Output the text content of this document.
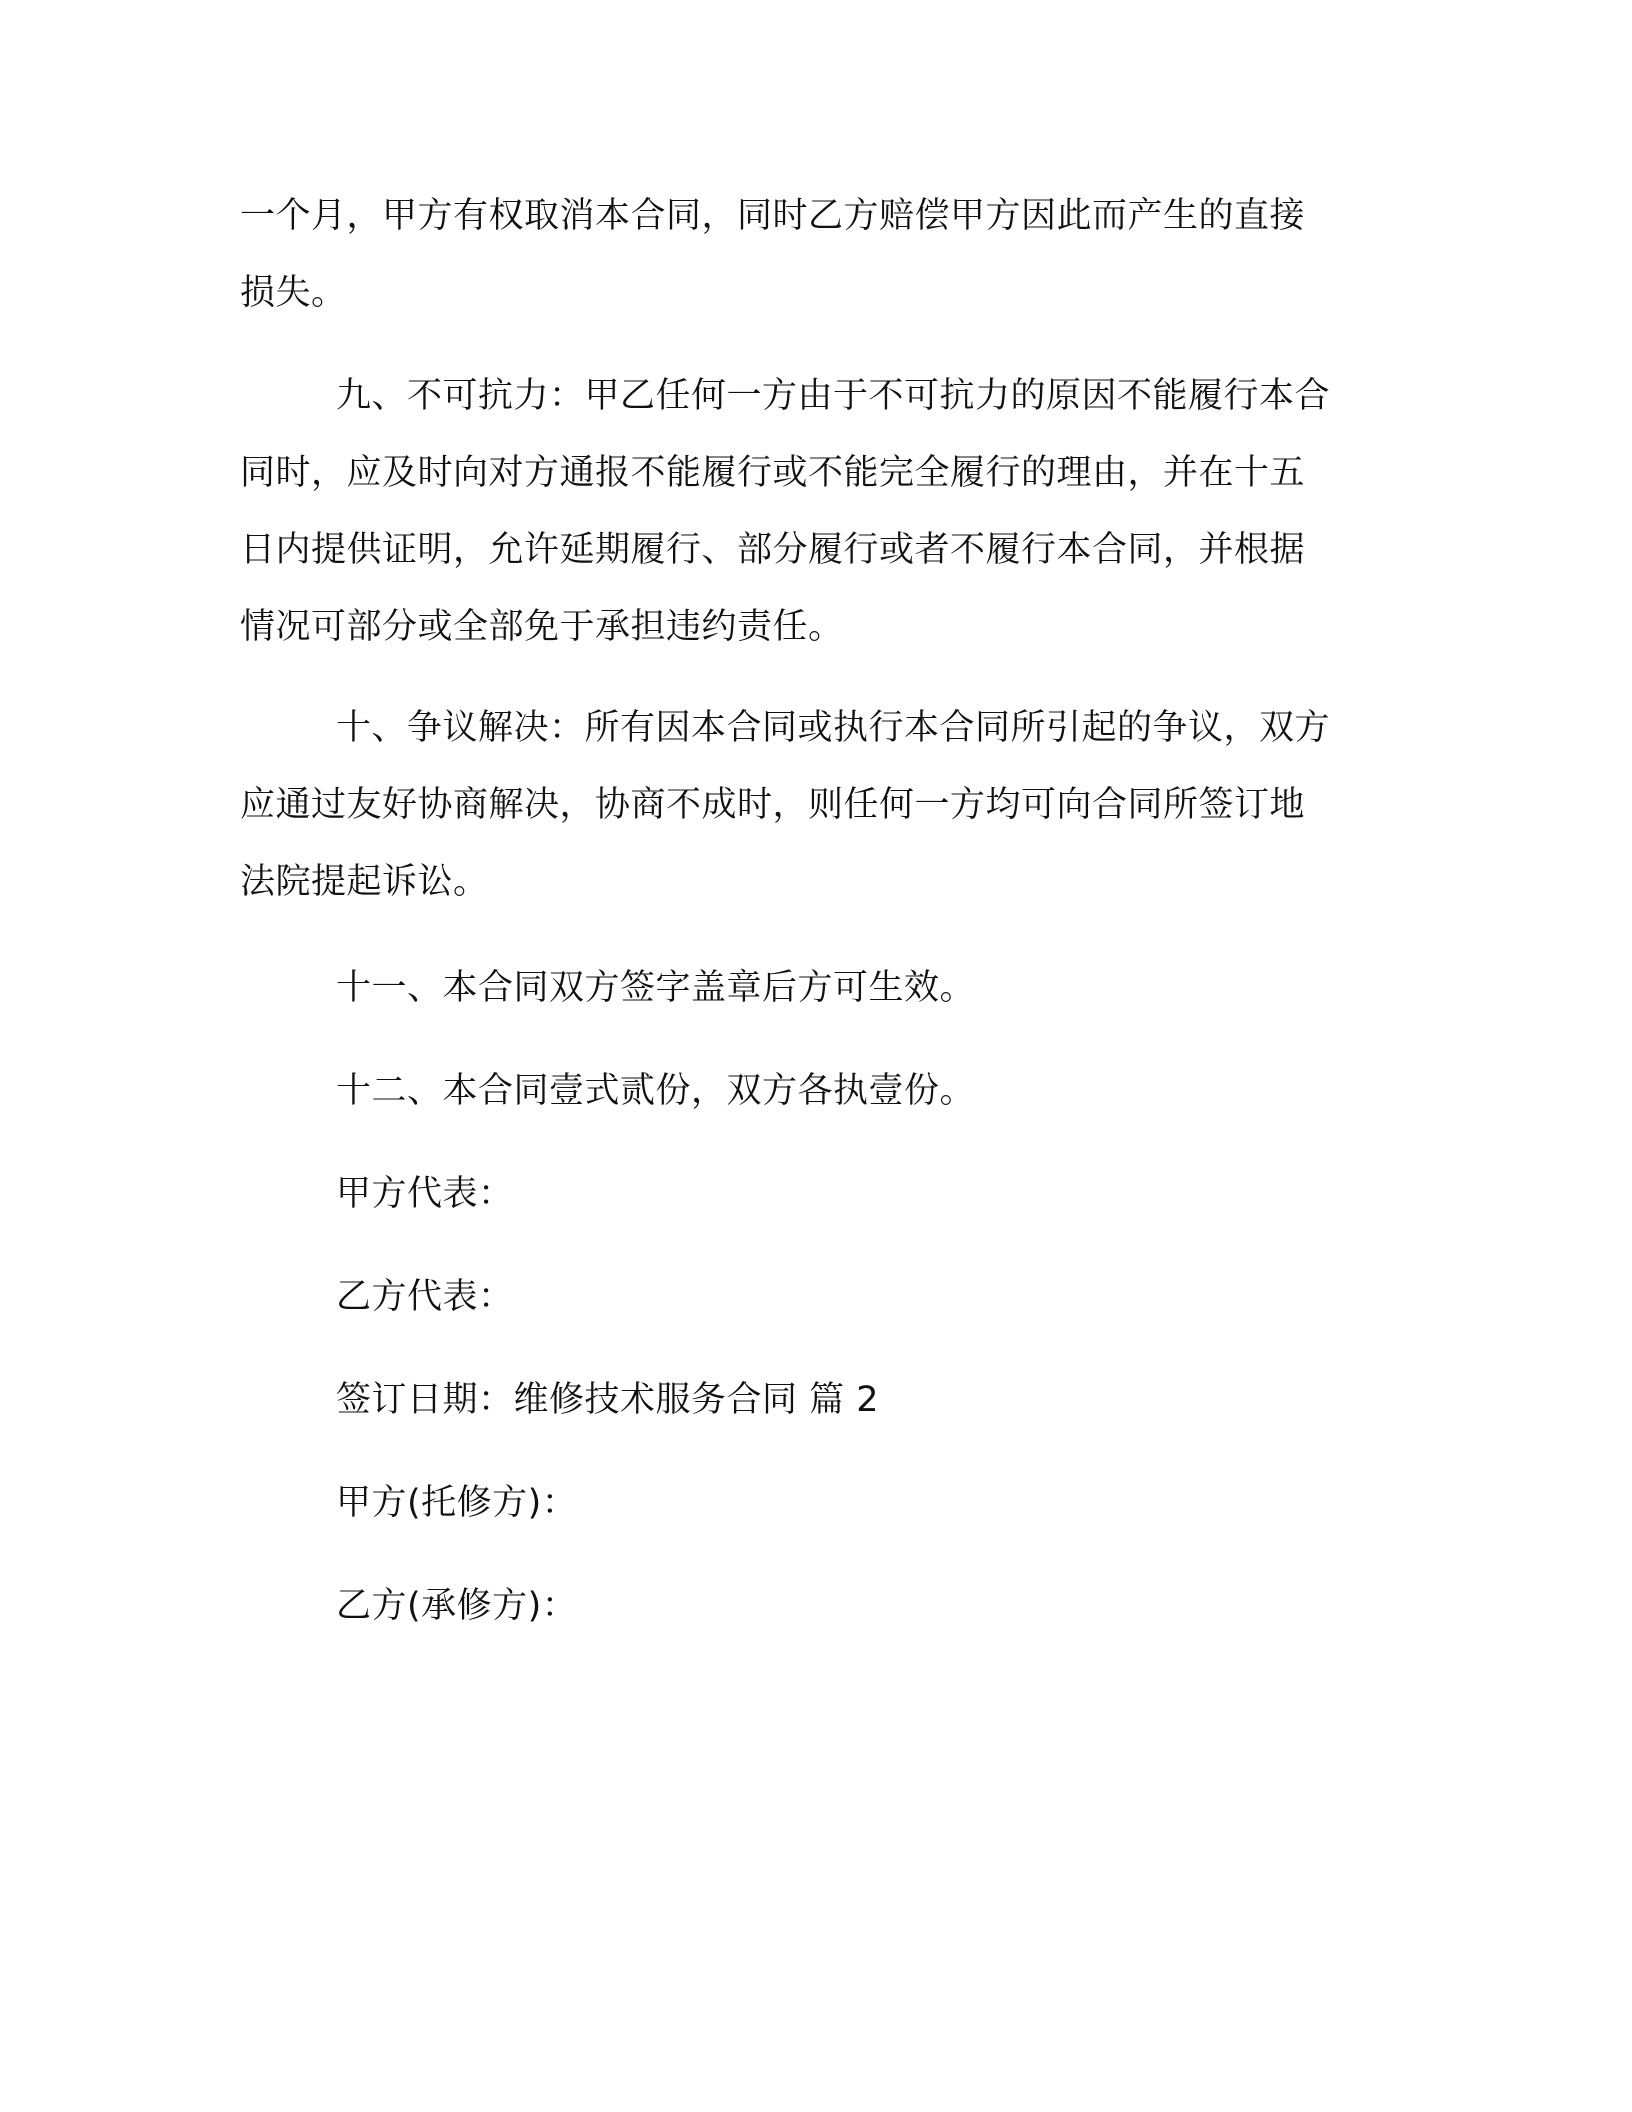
一个月，甲方有权取消本合同，同时乙方赔偿甲方因此而产生的直接
损失。
九、不可抗力：甲乙任何一方由于不可抗力的原因不能履行本合
同时，应及时向对方通报不能履行或不能完全履行的理由，并在十五
日内提供证明，允许延期履行、部分履行或者不履行本合同，并根据
情况可部分或全部免于承担违约责任。
十、争议解决：所有因本合同或执行本合同所引起的争议，双方
应通过友好协商解决，协商不成时，则任何一方均可向合同所签订地
法院提起诉讼。
十一、本合同双方签字盖章后方可生效。
十二、本合同壹式贰份，双方各执壹份。
甲方代表：
乙方代表：
签订日期：维修技术服务合同 篇 2
甲方(托修方)：
乙方(承修方)：
